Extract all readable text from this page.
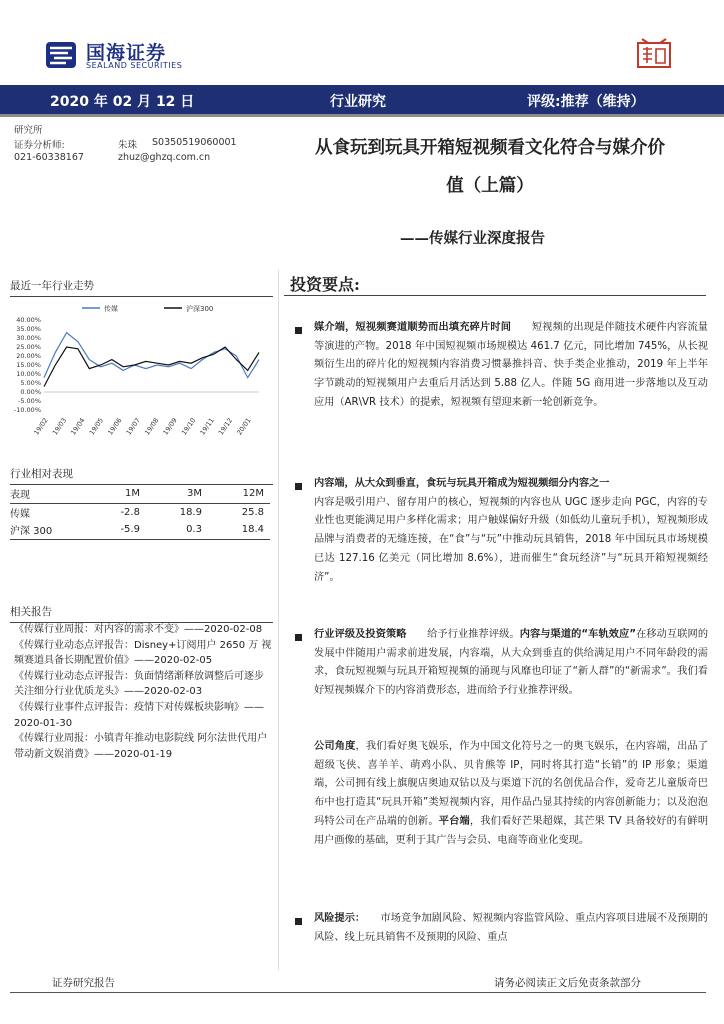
国海证券
SEALAND SECURITIES
2020 年 02 月 12 日	行业研究	评级:推荐（维持）
研究所
证券分析师:	朱珠 S0350519060001
021-60338167	zhuz@ghzq.com.cn	从食玩到玩具开箱短视频看文化符合与媒介价
值（上篇）
——传媒行业深度报告
最近一年行业走势
传媒	沪深300
40.00%
35.00%
30.00%
25.00%
20.00%
15.00%
10.00%
5.00%
0.00%
-5.00%
-10.00%
19/02 19/03 19/04 19/05 19/06 19/07 19/08 19/09 19/10 19/11 19/12 20/01
行业相对表现
表现	1M	3M	12M
传媒	-2.8	18.9	25.8
沪深 300	-5.9	0.3	18.4
相关报告

《传媒行业周报：对内容的需求不变》——2020-02-08

《传媒行业动态点评报告：Disney+订阅用户 2650 万 视频赛道具备长期配置价值》——2020-02-05

《传媒行业动态点评报告：负面情绪渐释放调整后可逐步关注细分行业优质龙头》——2020-02-03

《传媒行业事件点评报告：疫情下对传媒板块影响》——2020-01-30

《传媒行业周报：小镇青年推动电影院线 阿尔法世代用户带动新文娱消费》——2020-01-19

投资要点:
媒介端，短视频赛道顺势而出填充碎片时间　　短视频的出现是伴随技术硬件内容流量等演进的产物。2018 年中国短视频市场规模达 461.7 亿元，同比增加 745%，从长视频衍生出的碎片化的短视频内容消费习惯暴推抖音、快手类企业推动，2019 年上半年字节跳动的短视频用户去重后月活达到 5.88 亿人。伴随 5G 商用进一步落地以及互动应用（AR\VR 技术）的提索，短视频有望迎来新一轮创新竞争。
内容端，从大众到垂直，食玩与玩具开箱成为短视频细分内容之一
内容是吸引用户、留存用户的核心，短视频的内容也从 UGC 逐步走向 PGC，内容的专业性也更能满足用户多样化需求；用户触媒偏好升级（如低幼儿童玩手机），短视频形成品牌与消费者的无缝连接，在“食”与“玩”中推动玩具销售，2018 年中国玩具市场规模已达 127.16 亿美元（同比增加 8.6%），进而催生“食玩经济”与“玩具开箱短视频经济”。
行业评级及投资策略　　给予行业推荐评级。内容与渠道的“车轨效应”在移动互联网的发展中伴随用户需求前进发展，内容端，从大众到垂直的供给满足用户不同年龄段的需求，食玩短视频与玩具开箱短视频的涌现与风靡也印证了“新人群”的“新需求”。我们看好短视频媒介下的内容消费形态，进而给予行业推荐评级。
公司角度，我们看好奥飞娱乐，作为中国文化符号之一的奥飞娱乐，在内容端，出品了超级飞侠、喜羊羊、萌鸡小队、贝肯熊等 IP，同时将其打造“长销”的 IP 形象；渠道端，公司拥有线上旗舰店奥迪双钻以及与渠道下沉的名创优品合作，爱奇艺儿童版奇巴布中也打造其“玩具开箱”类短视频内容，用作品凸显其持续的内容创新能力；以及泡泡玛特公司在产品端的创新。平台端，我们看好芒果超媒，其芒果 TV 具备较好的有鲜明用户画像的基础，更利于其广告与会员、电商等商业化变现。
风险提示：　　市场竞争加剧风险、短视频内容监管风险、重点内容项目进展不及预期的风险、线上玩具销售不及预期的风险、重点
证券研究报告	请务必阅读正文后免责条款部分
